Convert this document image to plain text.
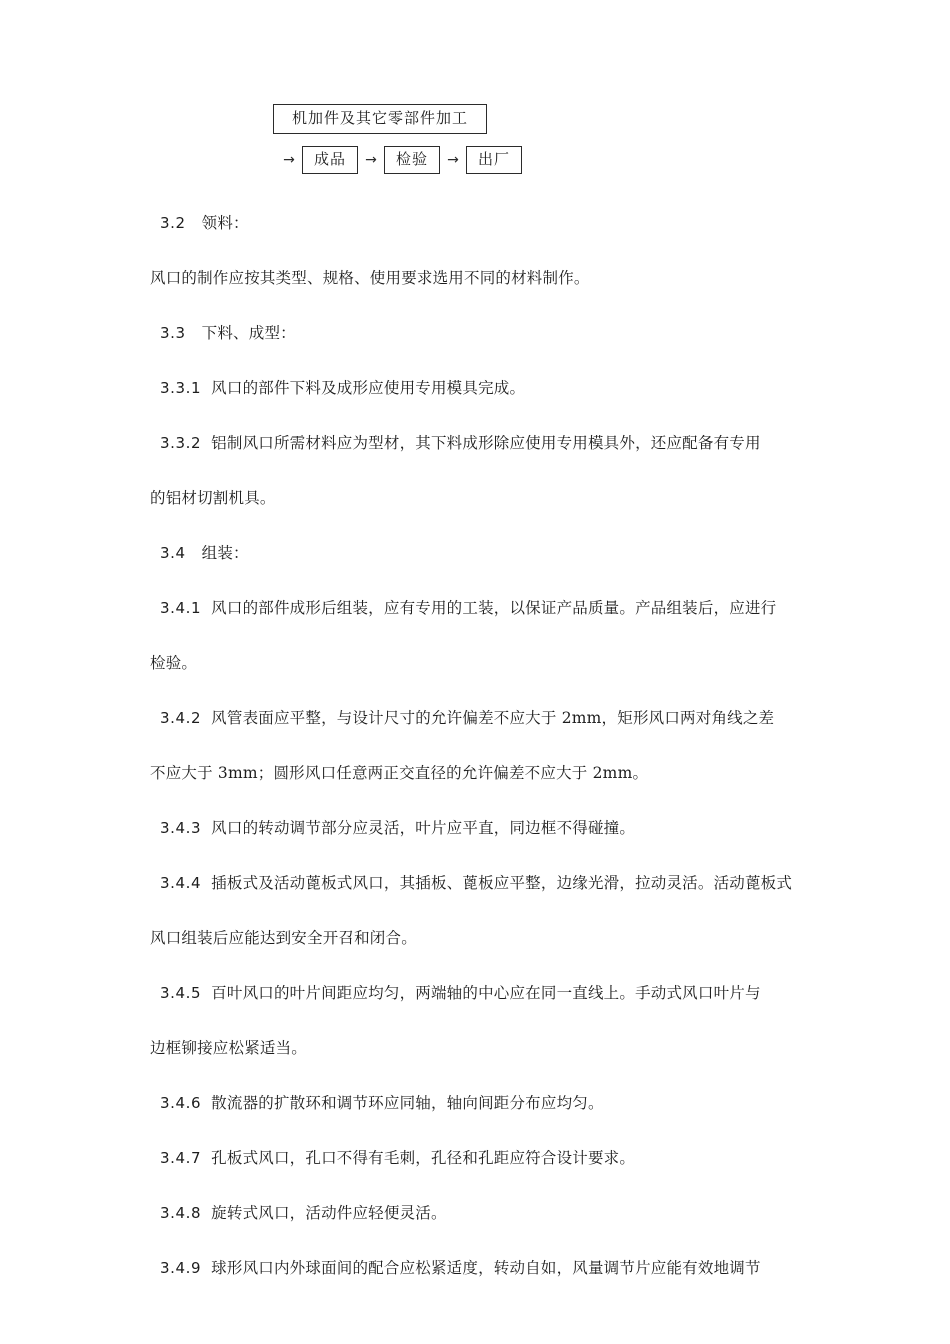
机加件及其它零部件加工
→	成品	→	检验	→	出厂

3.2 领料：

风口的制作应按其类型、规格、使用要求选用不同的材料制作。

3.3 下料、成型：

3.3.1 风口的部件下料及成形应使用专用模具完成。

3.3.2 铝制风口所需材料应为型材，其下料成形除应使用专用模具外，还应配备有专用

的铝材切割机具。

3.4 组装：

3.4.1 风口的部件成形后组装，应有专用的工装，以保证产品质量。产品组装后，应进行

检验。

3.4.2 风管表面应平整，与设计尺寸的允许偏差不应大于 2mm，矩形风口两对角线之差

不应大于 3mm；圆形风口任意两正交直径的允许偏差不应大于 2mm。

3.4.3 风口的转动调节部分应灵活，叶片应平直，同边框不得碰撞。

3.4.4 插板式及活动蓖板式风口，其插板、蓖板应平整，边缘光滑，拉动灵活。活动蓖板式

风口组装后应能达到安全开召和闭合。

3.4.5 百叶风口的叶片间距应均匀，两端轴的中心应在同一直线上。手动式风口叶片与

边框铆接应松紧适当。

3.4.6 散流器的扩散环和调节环应同轴，轴向间距分布应均匀。

3.4.7 孔板式风口，孔口不得有毛刺，孔径和孔距应符合设计要求。

3.4.8 旋转式风口，活动件应轻便灵活。

3.4.9 球形风口内外球面间的配合应松紧适度，转动自如，风量调节片应能有效地调节
